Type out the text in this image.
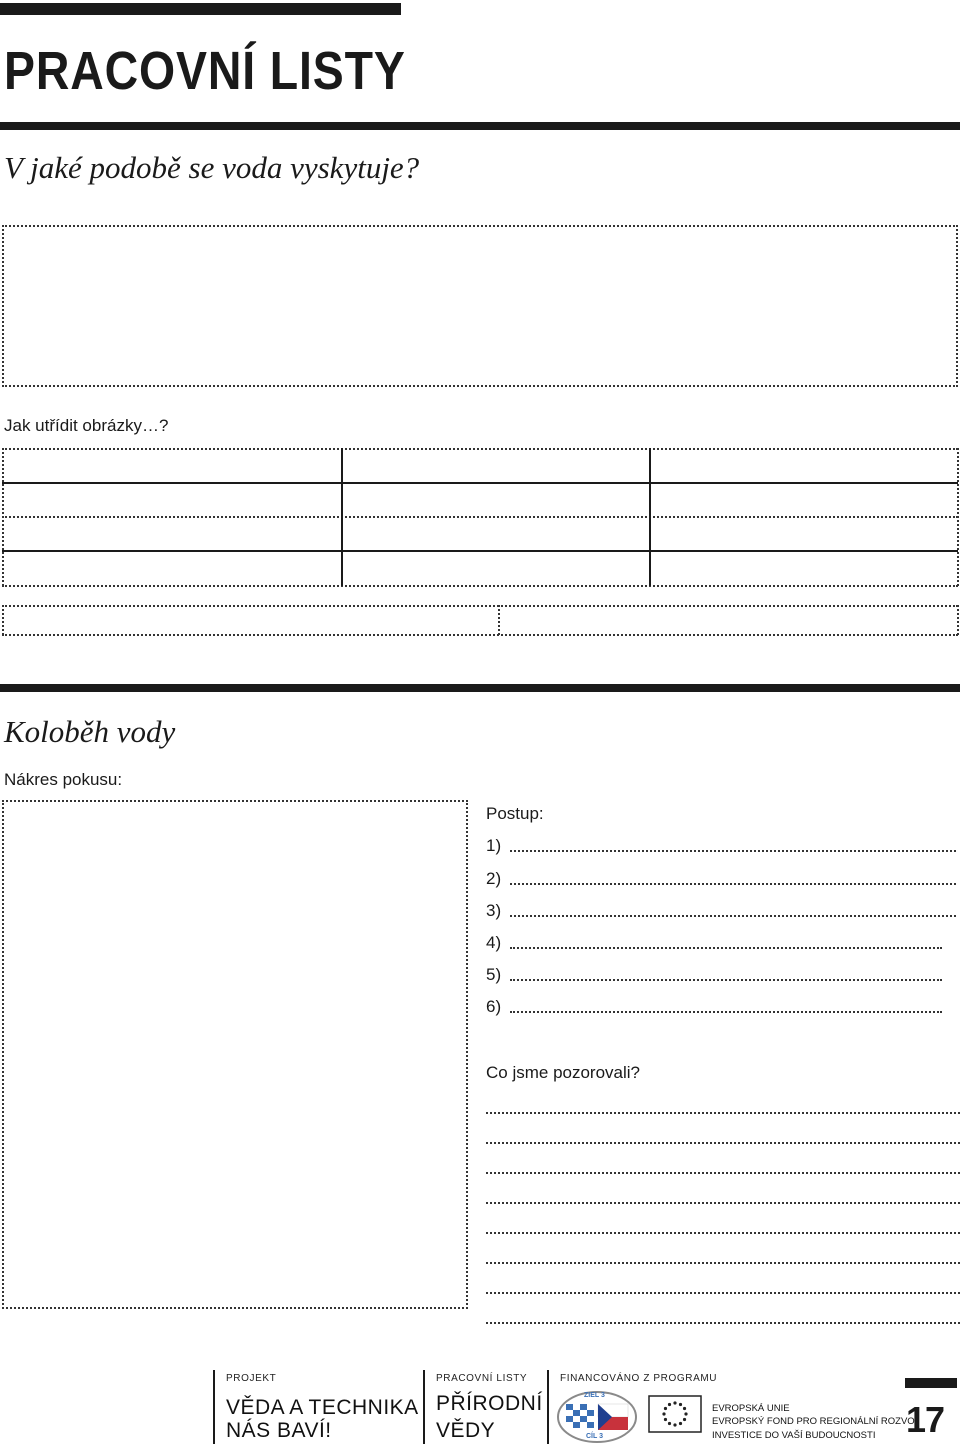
PRACOVNÍ LISTY
V jaké podobě se voda vyskytuje?
Jak utřídit obrázky…?
Koloběh vody
Nákres pokusu:
Postup:
1)
2)
3)
4)
5)
6)
Co jsme pozorovali?
PROJEKT
VĚDA A TECHNIKA
NÁS BAVÍ!
PRACOVNÍ LISTY
PŘÍRODNÍ
VĚDY
FINANCOVÁNO Z PROGRAMU
ZIEL 3
CÍL 3
EVROPSKÁ UNIE
EVROPSKÝ FOND PRO REGIONÁLNÍ ROZVOJ
INVESTICE DO VAŠÍ BUDOUCNOSTI 17
